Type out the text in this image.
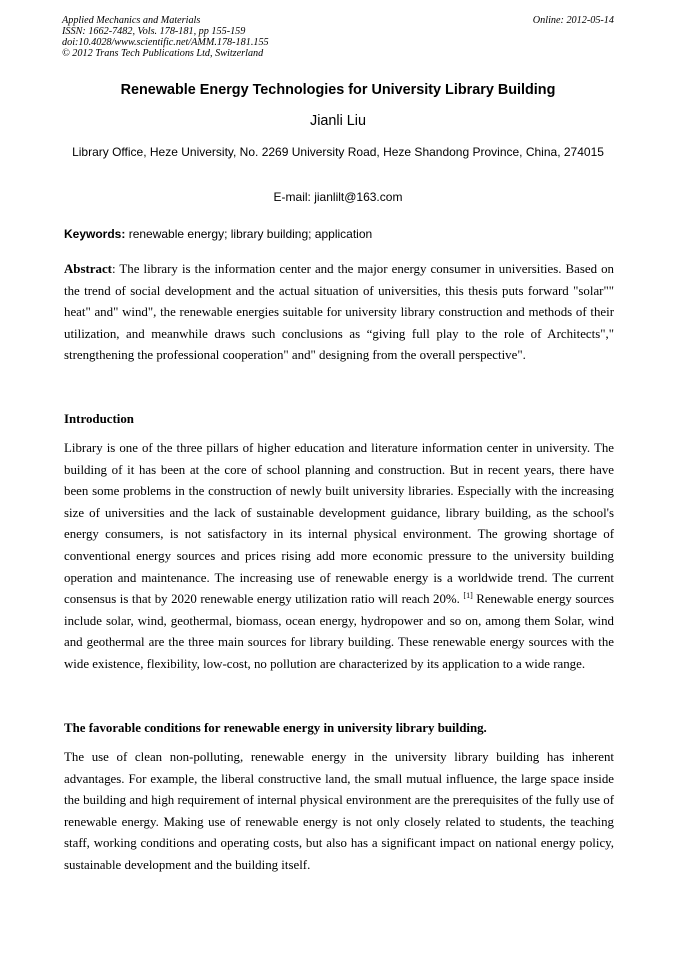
Applied Mechanics and Materials
ISSN: 1662-7482, Vols. 178-181, pp 155-159
doi:10.4028/www.scientific.net/AMM.178-181.155
© 2012 Trans Tech Publications Ltd, Switzerland
Online: 2012-05-14
Renewable Energy Technologies for University Library Building
Jianli Liu
Library Office, Heze University, No. 2269 University Road, Heze Shandong Province, China, 274015
E-mail: jianlilt@163.com
Keywords: renewable energy; library building; application
Abstract: The library is the information center and the major energy consumer in universities. Based on the trend of social development and the actual situation of universities, this thesis puts forward "solar"" heat" and" wind", the renewable energies suitable for university library construction and methods of their utilization, and meanwhile draws such conclusions as “giving full play to the role of Architects"," strengthening the professional cooperation" and" designing from the overall perspective".
Introduction
Library is one of the three pillars of higher education and literature information center in university. The building of it has been at the core of school planning and construction. But in recent years, there have been some problems in the construction of newly built university libraries. Especially with the increasing size of universities and the lack of sustainable development guidance, library building, as the school's energy consumers, is not satisfactory in its internal physical environment. The growing shortage of conventional energy sources and prices rising add more economic pressure to the university building operation and maintenance. The increasing use of renewable energy is a worldwide trend. The current consensus is that by 2020 renewable energy utilization ratio will reach 20%. [1] Renewable energy sources include solar, wind, geothermal, biomass, ocean energy, hydropower and so on, among them Solar, wind and geothermal are the three main sources for library building. These renewable energy sources with the wide existence, flexibility, low-cost, no pollution are characterized by its application to a wide range.
The favorable conditions for renewable energy in university library building.
The use of clean non-polluting, renewable energy in the university library building has inherent advantages. For example, the liberal constructive land, the small mutual influence, the large space inside the building and high requirement of internal physical environment are the prerequisites of the fully use of renewable energy. Making use of renewable energy is not only closely related to students, the teaching staff, working conditions and operating costs, but also has a significant impact on national energy policy, sustainable development and the building itself.
